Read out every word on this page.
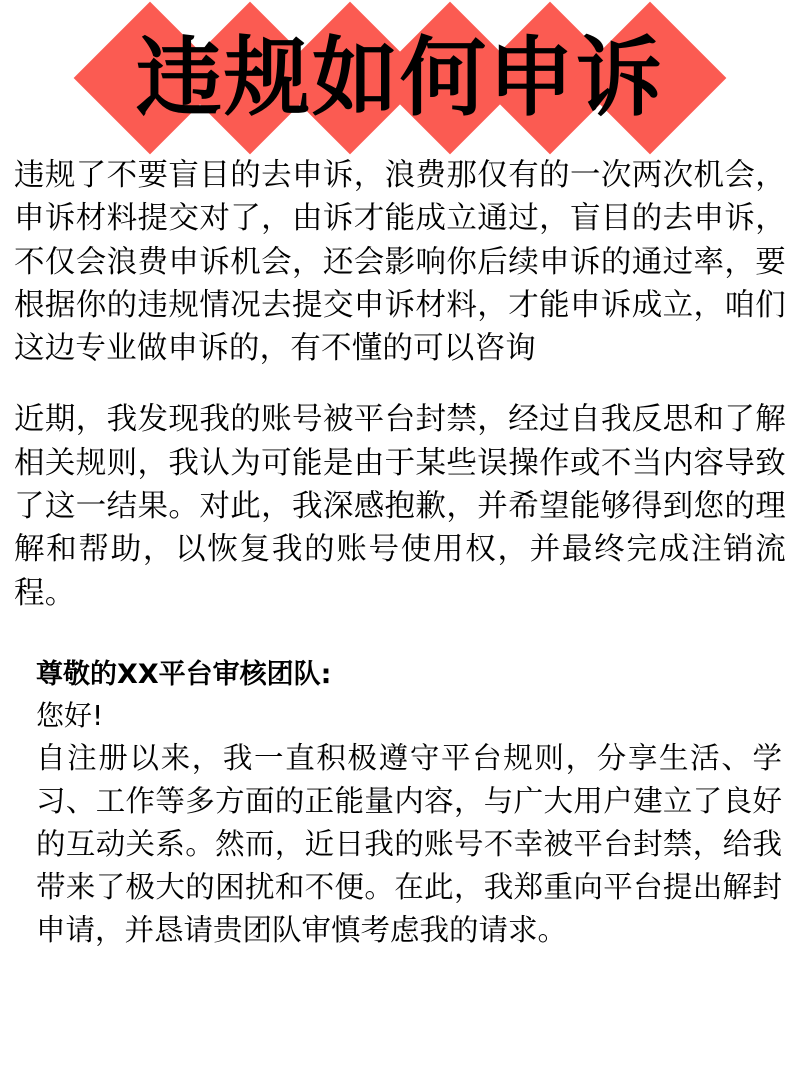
违规如何申诉

违规了不要盲目的去申诉，浪费那仅有的一次两次机会，申诉材料提交对了，由诉才能成立通过，盲目的去申诉，不仅会浪费申诉机会，还会影响你后续申诉的通过率，要根据你的违规情况去提交申诉材料，才能申诉成立，咱们这边专业做申诉的，有不懂的可以咨询

近期，我发现我的账号被平台封禁，经过自我反思和了解相关规则，我认为可能是由于某些误操作或不当内容导致了这一结果。对此，我深感抱歉，并希望能够得到您的理解和帮助，以恢复我的账号使用权，并最终完成注销流程。

尊敬的XX平台审核团队:

您好!

自注册以来，我一直积极遵守平台规则，分享生活、学习、工作等多方面的正能量内容，与广大用户建立了良好的互动关系。然而，近日我的账号不幸被平台封禁，给我带来了极大的困扰和不便。在此，我郑重向平台提出解封申请，并恳请贵团队审慎考虑我的请求。
